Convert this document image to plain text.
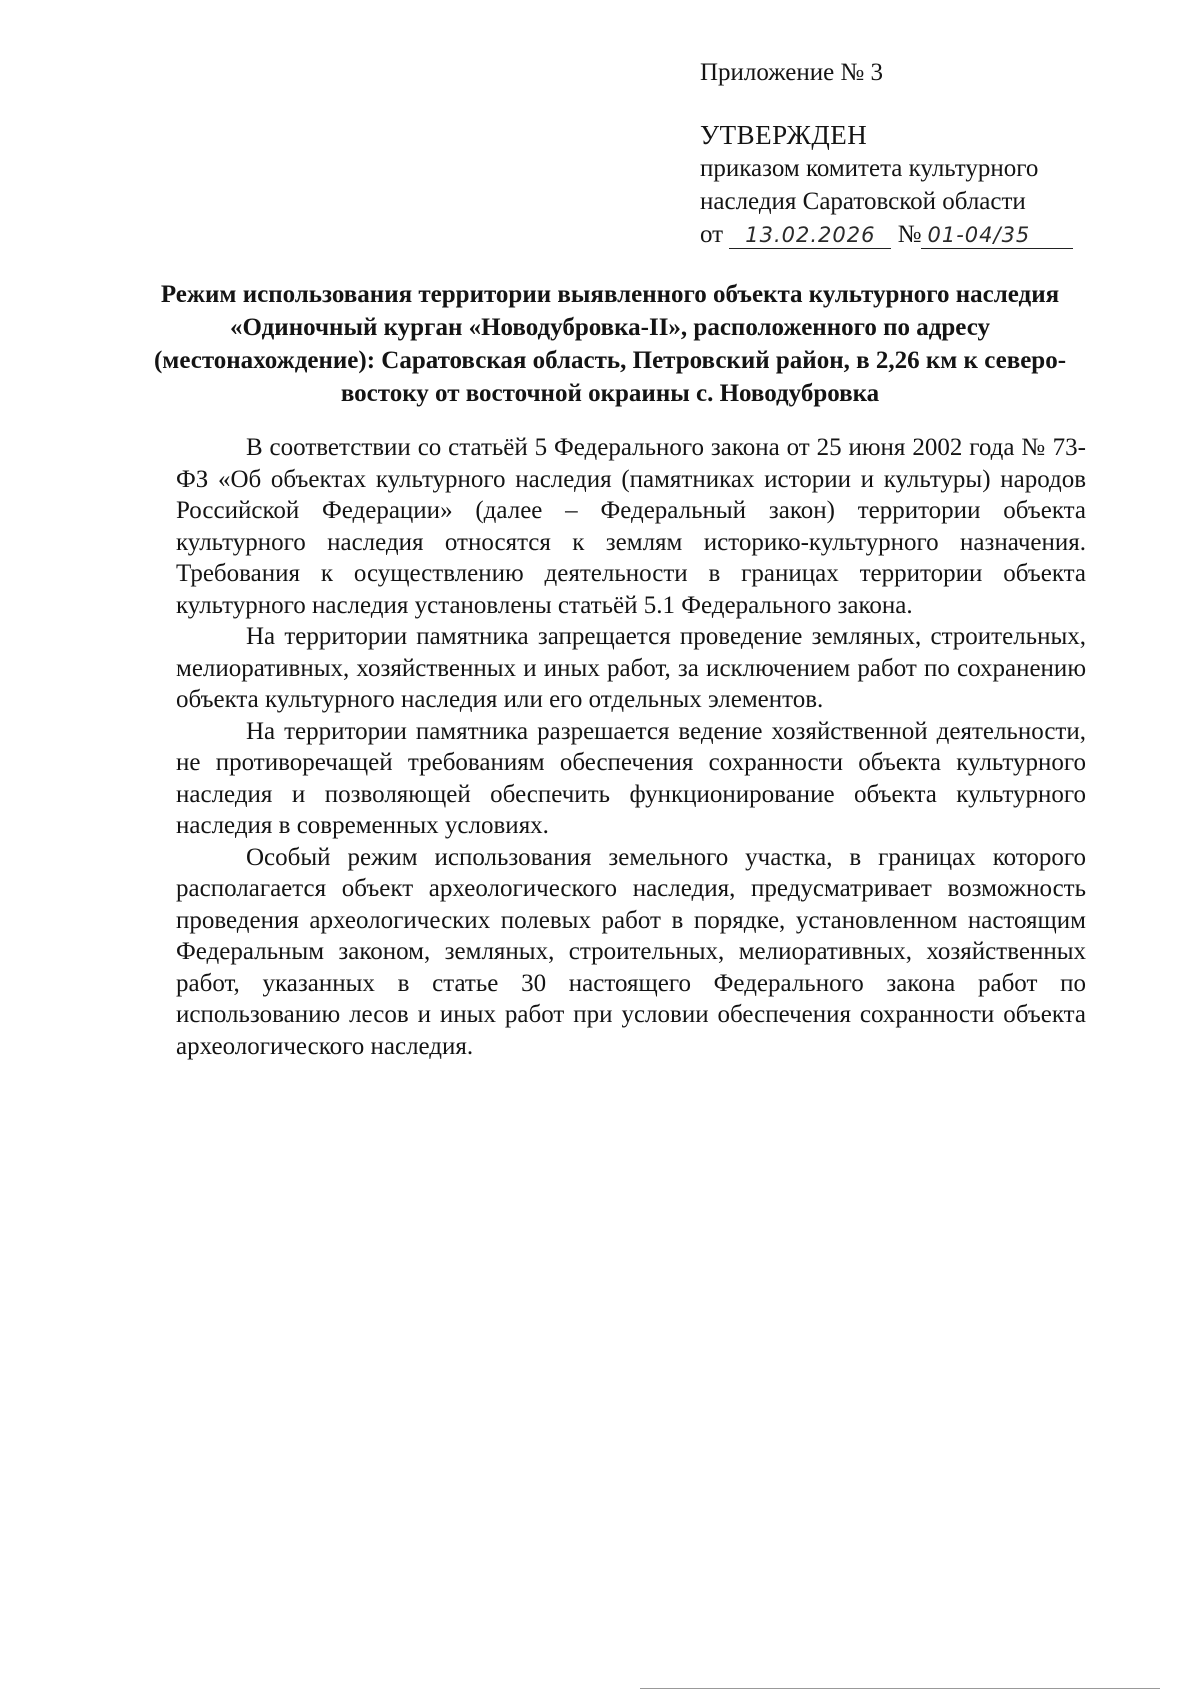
Приложение № 3
УТВЕРЖДЕН
приказом комитета культурного
наследия Саратовской области
от 13.02.2026 № 01-04/35
Режим использования территории выявленного объекта культурного наследия «Одиночный курган «Новодубровка-II», расположенного по адресу (местонахождение): Саратовская область, Петровский район, в 2,26 км к северо-востоку от восточной окраины с. Новодубровка

В соответствии со статьёй 5 Федерального закона от 25 июня 2002 года № 73-ФЗ «Об объектах культурного наследия (памятниках истории и культуры) народов Российской Федерации» (далее – Федеральный закон) территории объекта культурного наследия относятся к землям историко-культурного назначения. Требования к осуществлению деятельности в границах территории объекта культурного наследия установлены статьёй 5.1 Федерального закона.

На территории памятника запрещается проведение земляных, строительных, мелиоративных, хозяйственных и иных работ, за исключением работ по сохранению объекта культурного наследия или его отдельных элементов.

На территории памятника разрешается ведение хозяйственной деятельности, не противоречащей требованиям обеспечения сохранности объекта культурного наследия и позволяющей обеспечить функционирование объекта культурного наследия в современных условиях.

Особый режим использования земельного участка, в границах которого располагается объект археологического наследия, предусматривает возможность проведения археологических полевых работ в порядке, установленном настоящим Федеральным законом, земляных, строительных, мелиоративных, хозяйственных работ, указанных в статье 30 настоящего Федерального закона работ по использованию лесов и иных работ при условии обеспечения сохранности объекта археологического наследия.
